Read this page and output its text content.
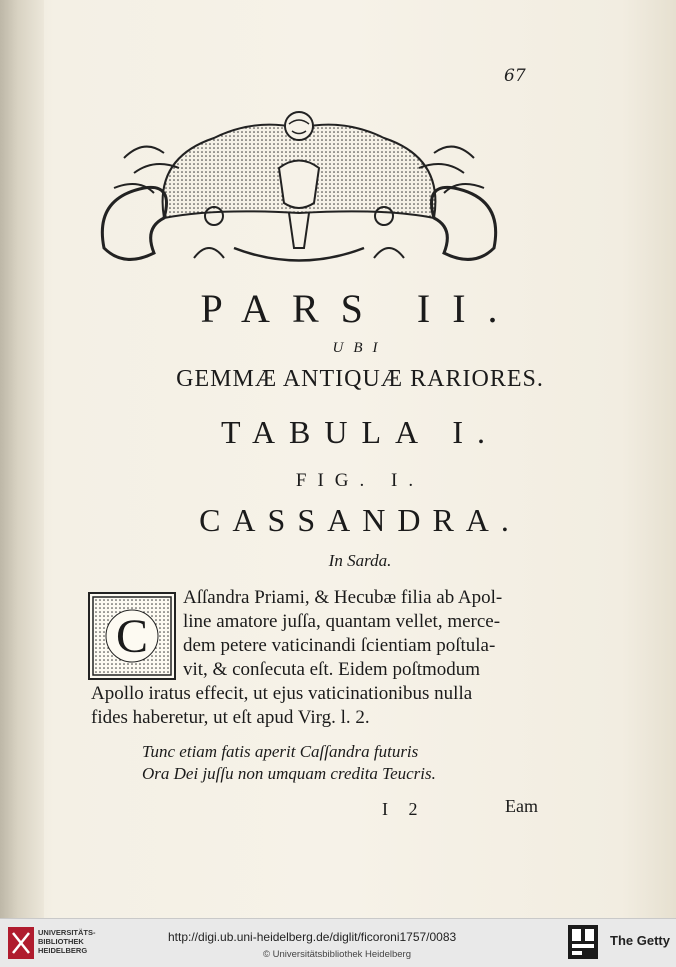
67
PARS II.
UBI
GEMMÆ ANTIQUÆ RARIORES.
TABULA I.
FIG. I.
CASSANDRA.
In Sarda.
C
Aſſandra Priami, & Hecubæ filia ab Apol-
line amatore juſſa, quantam vellet, merce-
dem petere vaticinandi ſcientiam poſtula-
vit, & conſecuta eſt. Eidem poſtmodum
Apollo iratus effecit, ut ejus vaticinationibus nulla
fides haberetur, ut eſt apud Virg. l. 2.
Tunc etiam fatis aperit Caſſandra futuris
Ora Dei juſſu non umquam credita Teucris.
I 2	Eam
UNIVERSITÄTS-
BIBLIOTHEK
HEIDELBERG
http://digi.ub.uni-heidelberg.de/diglit/ficoroni1757/0083
© Universitätsbibliothek Heidelberg
The Getty
